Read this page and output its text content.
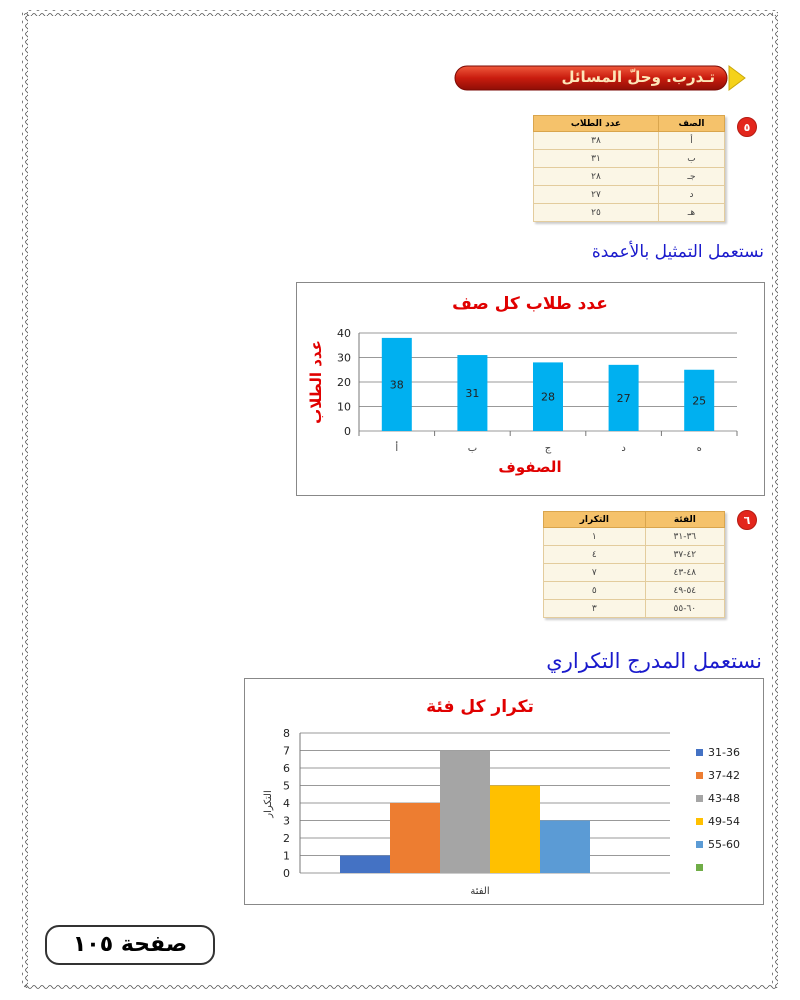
تـدرب. وحلّ المسائل
٥
الصف	عدد الطلاب
أ	٣٨
ب	٣١
جـ	٢٨
د	٢٧
هـ	٢٥
نستعمل التمثيل بالأعمدة
عدد طلاب كل صف
0
10
20
30
40
38
أ
31
ب
28
ج
27
د
25
ه
الصفوف
عدد الطلاب
٦
الفئة	التكرار
٣٦-٣١	١
٤٢-٣٧	٤
٤٨-٤٣	٧
٥٤-٤٩	٥
٦٠-٥٥	٣
نستعمل المدرج التكراري
تكرار كل فئة
0
1
2
3
4
5
6
7
8
الفئة
التكرار
31-36
37-42
43-48
49-54
55-60
صفحة ١٠٥
